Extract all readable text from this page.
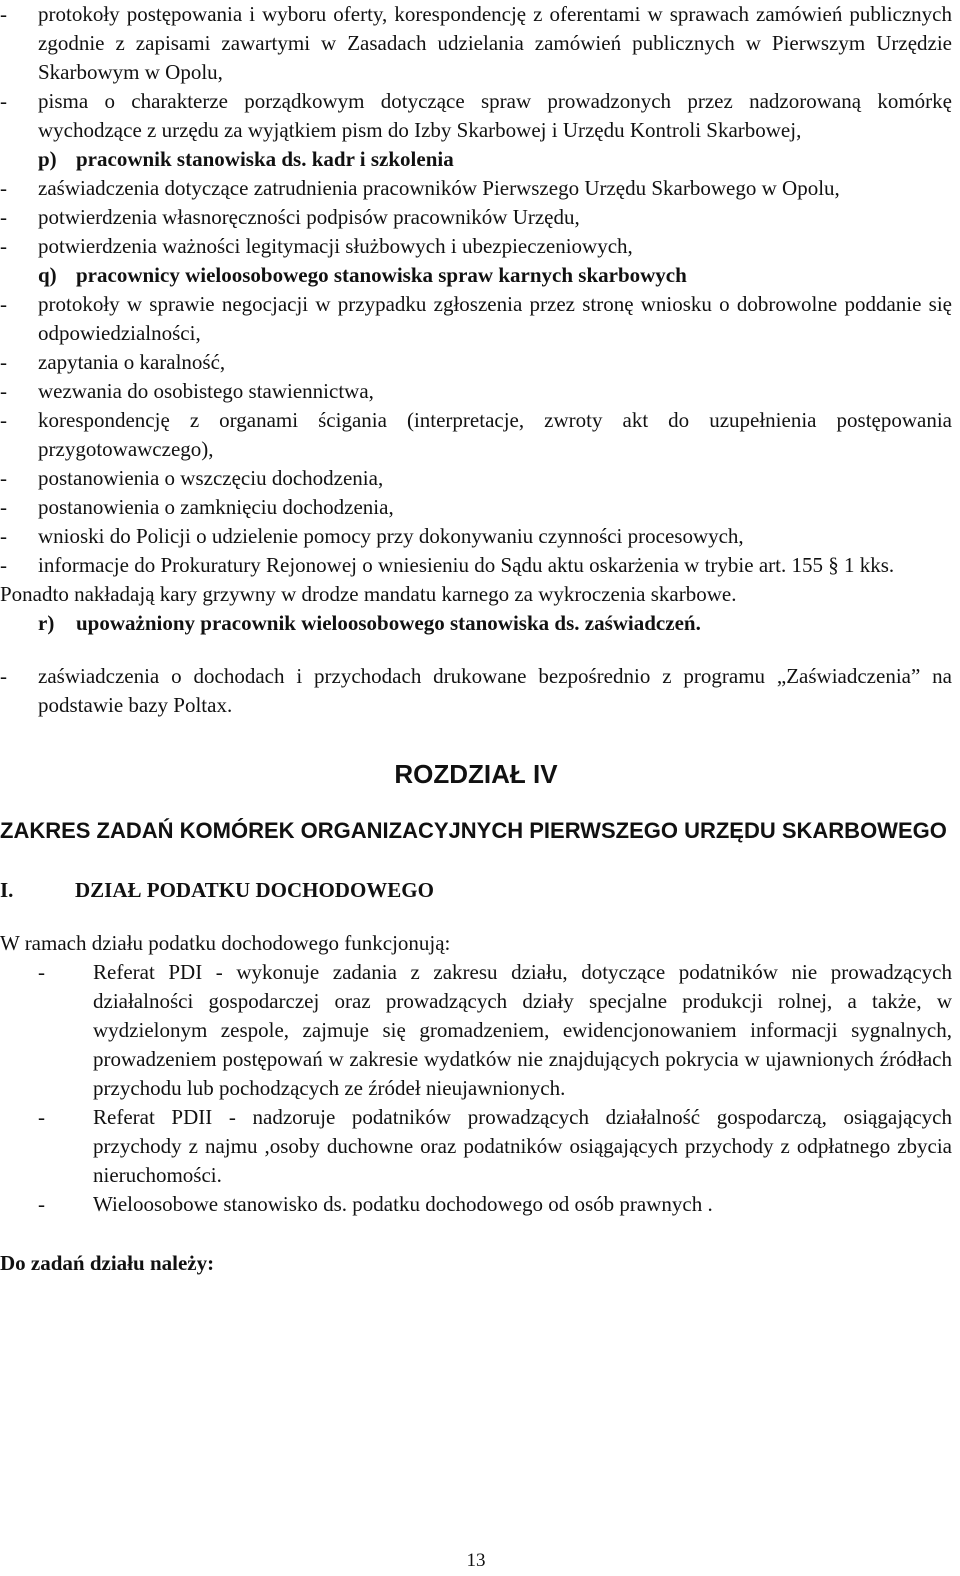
-	protokoły postępowania i wyboru oferty, korespondencję z oferentami w sprawach zamówień publicznych zgodnie z zapisami zawartymi w Zasadach udzielania zamówień publicznych w Pierwszym Urzędzie Skarbowym w Opolu,
-	pisma o charakterze porządkowym dotyczące spraw prowadzonych przez nadzorowaną komórkę wychodzące z urzędu za wyjątkiem pism do Izby Skarbowej i Urzędu Kontroli Skarbowej,
p) pracownik stanowiska ds. kadr i szkolenia
-	zaświadczenia dotyczące zatrudnienia pracowników Pierwszego Urzędu Skarbowego w Opolu,
-	potwierdzenia własnoręczności podpisów pracowników Urzędu,
-	potwierdzenia ważności legitymacji służbowych i ubezpieczeniowych,
q) pracownicy wieloosobowego stanowiska spraw karnych skarbowych
-	protokoły w sprawie negocjacji w przypadku zgłoszenia przez stronę wniosku o dobrowolne poddanie się odpowiedzialności,
-	zapytania o karalność,
-	wezwania do osobistego stawiennictwa,
-	korespondencję z organami ścigania (interpretacje, zwroty akt do uzupełnienia postępowania przygotowawczego),
-	postanowienia o wszczęciu dochodzenia,
-	postanowienia o zamknięciu dochodzenia,
-	wnioski do Policji o udzielenie pomocy przy dokonywaniu czynności procesowych,
-	informacje do Prokuratury Rejonowej o wniesieniu do Sądu aktu oskarżenia w trybie art. 155 § 1 kks.
Ponadto nakładają kary grzywny w drodze mandatu karnego za wykroczenia skarbowe.
r)	upoważniony pracownik wieloosobowego stanowiska ds. zaświadczeń.
-	zaświadczenia o dochodach i przychodach drukowane bezpośrednio z programu „Zaświadczenia” na podstawie bazy Poltax.
ROZDZIAŁ IV
ZAKRES ZADAŃ KOMÓREK ORGANIZACYJNYCH PIERWSZEGO URZĘDU SKARBOWEGO
I.	DZIAŁ PODATKU DOCHODOWEGO
W ramach działu podatku dochodowego funkcjonują:
-	Referat PDI - wykonuje zadania z zakresu działu, dotyczące podatników nie prowadzących działalności gospodarczej oraz prowadzących działy specjalne produkcji rolnej, a także, w wydzielonym zespole, zajmuje się gromadzeniem, ewidencjonowaniem informacji sygnalnych, prowadzeniem postępowań w zakresie wydatków nie znajdujących pokrycia w ujawnionych źródłach przychodu lub pochodzących ze źródeł nieujawnionych.
-	Referat PDII - nadzoruje podatników prowadzących działalność gospodarczą, osiągających przychody z najmu ,osoby duchowne oraz podatników osiągających przychody z odpłatnego zbycia nieruchomości.
-	Wieloosobowe stanowisko ds. podatku dochodowego od osób prawnych .
Do zadań działu należy:
13
